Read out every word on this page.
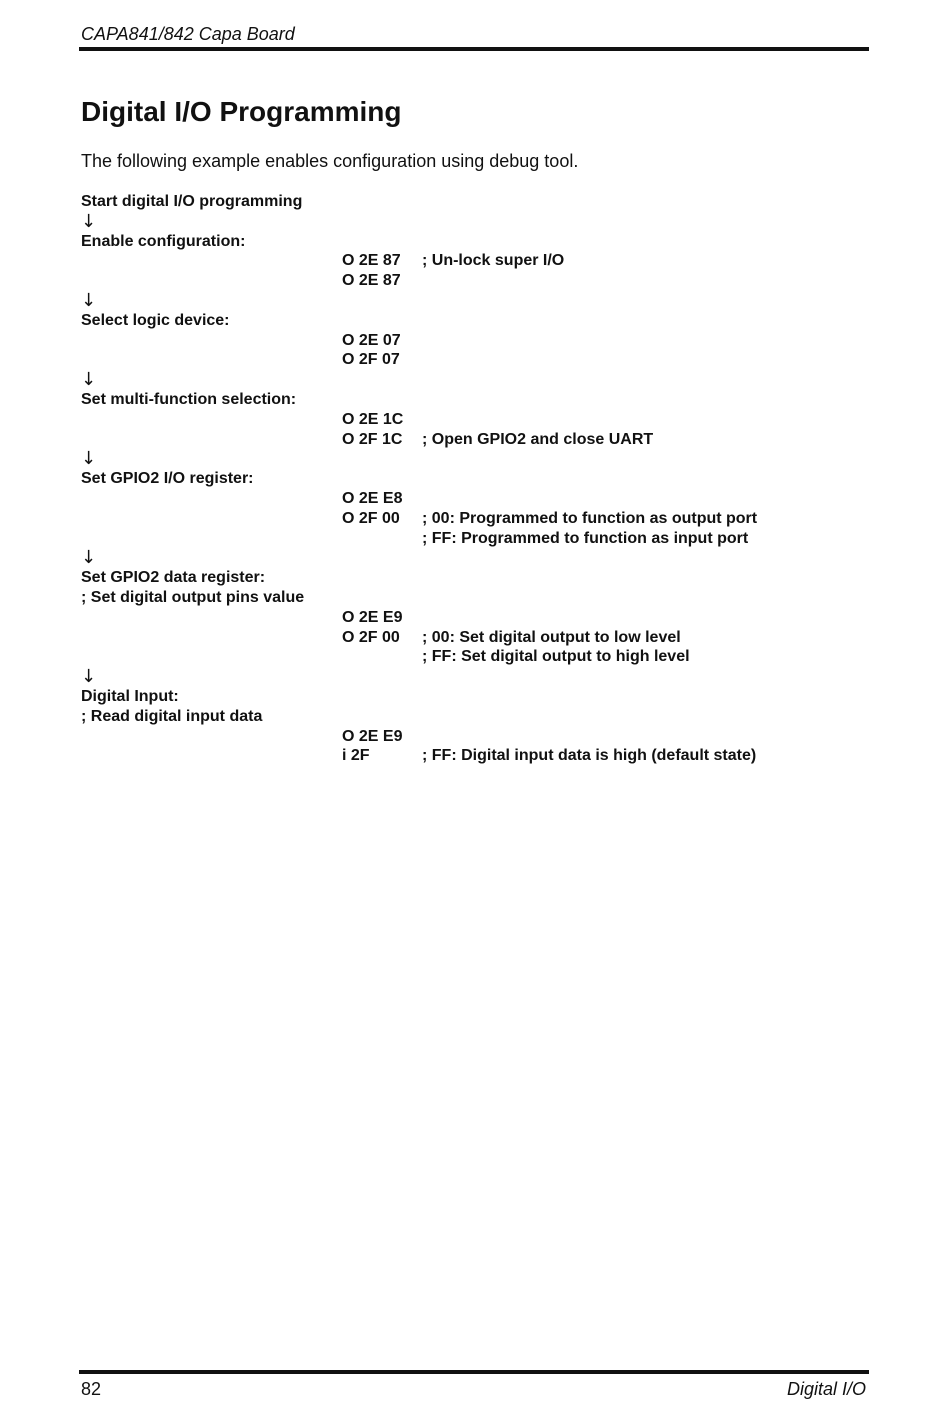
CAPA841/842 Capa Board
Digital I/O Programming
The following example enables configuration using debug tool.
Start digital I/O programming
↓
Enable configuration:
O 2E 87 ; Un-lock super I/O
O 2E 87
↓
Select logic device:
O 2E 07
O 2F 07
↓
Set multi-function selection:
O 2E 1C
O 2F 1C ; Open GPIO2 and close UART
↓
Set GPIO2 I/O register:
O 2E E8
O 2F 00 ; 00: Programmed to function as output port
; FF: Programmed to function as input port
↓
Set GPIO2 data register:
; Set digital output pins value
O 2E E9
O 2F 00 ; 00: Set digital output to low level
; FF: Set digital output to high level
↓
Digital Input:
; Read digital input data
O 2E E9
i 2F	; FF: Digital input data is high (default state)
82	Digital I/O
